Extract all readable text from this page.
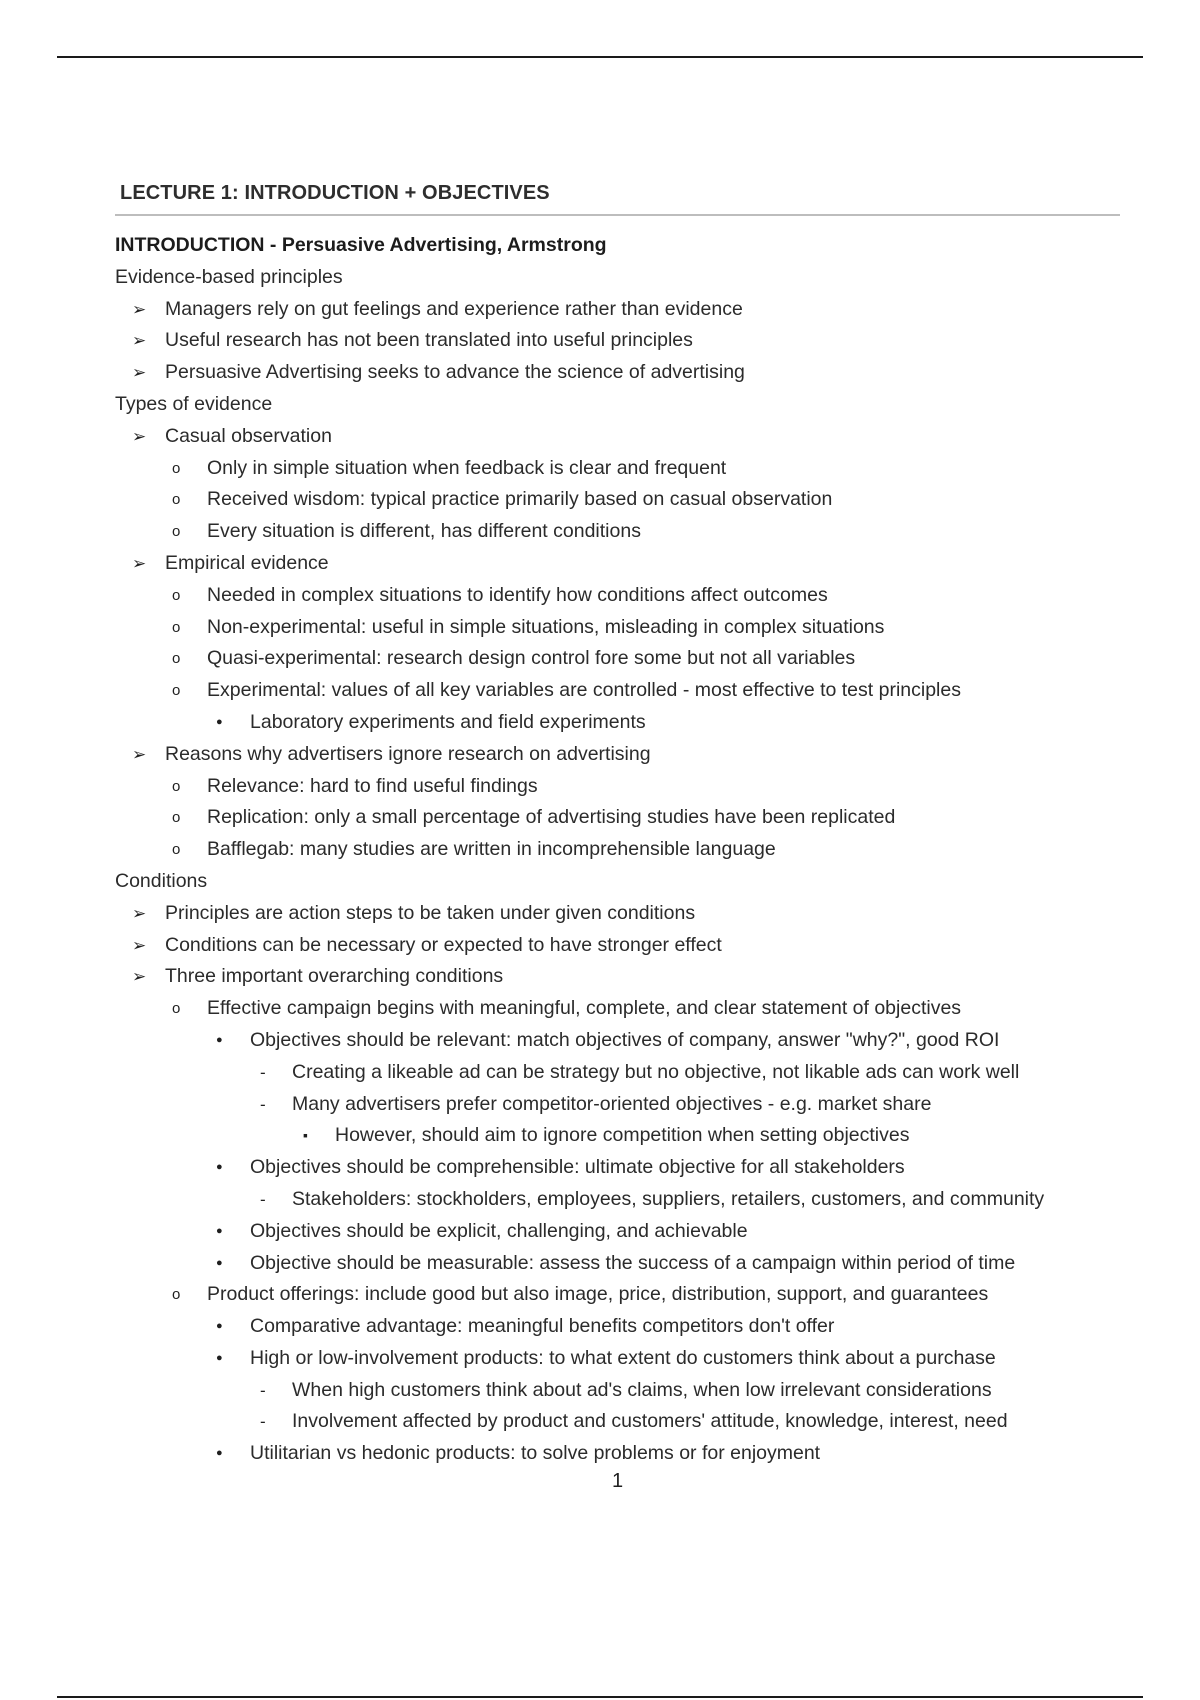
LECTURE 1: INTRODUCTION + OBJECTIVES
INTRODUCTION - Persuasive Advertising, Armstrong
Evidence-based principles
➢ Managers rely on gut feelings and experience rather than evidence
➢ Useful research has not been translated into useful principles
➢ Persuasive Advertising seeks to advance the science of advertising
Types of evidence
➢ Casual observation
o Only in simple situation when feedback is clear and frequent
o Received wisdom: typical practice primarily based on casual observation
o Every situation is different, has different conditions
➢ Empirical evidence
o Needed in complex situations to identify how conditions affect outcomes
o Non-experimental: useful in simple situations, misleading in complex situations
o Quasi-experimental: research design control fore some but not all variables
o Experimental: values of all key variables are controlled - most effective to test principles
● Laboratory experiments and field experiments
➢ Reasons why advertisers ignore research on advertising
o Relevance: hard to find useful findings
o Replication: only a small percentage of advertising studies have been replicated
o Bafflegab: many studies are written in incomprehensible language
Conditions
➢ Principles are action steps to be taken under given conditions
➢ Conditions can be necessary or expected to have stronger effect
➢ Three important overarching conditions
o Effective campaign begins with meaningful, complete, and clear statement of objectives
● Objectives should be relevant: match objectives of company, answer "why?", good ROI
- Creating a likeable ad can be strategy but no objective, not likable ads can work well
- Many advertisers prefer competitor-oriented objectives - e.g. market share
▪ However, should aim to ignore competition when setting objectives
● Objectives should be comprehensible: ultimate objective for all stakeholders
- Stakeholders: stockholders, employees, suppliers, retailers, customers, and community
● Objectives should be explicit, challenging, and achievable
● Objective should be measurable: assess the success of a campaign within period of time
o Product offerings: include good but also image, price, distribution, support, and guarantees
● Comparative advantage: meaningful benefits competitors don't offer
● High or low-involvement products: to what extent do customers think about a purchase
- When high customers think about ad's claims, when low irrelevant considerations
- Involvement affected by product and customers' attitude, knowledge, interest, need
● Utilitarian vs hedonic products: to solve problems or for enjoyment
1
